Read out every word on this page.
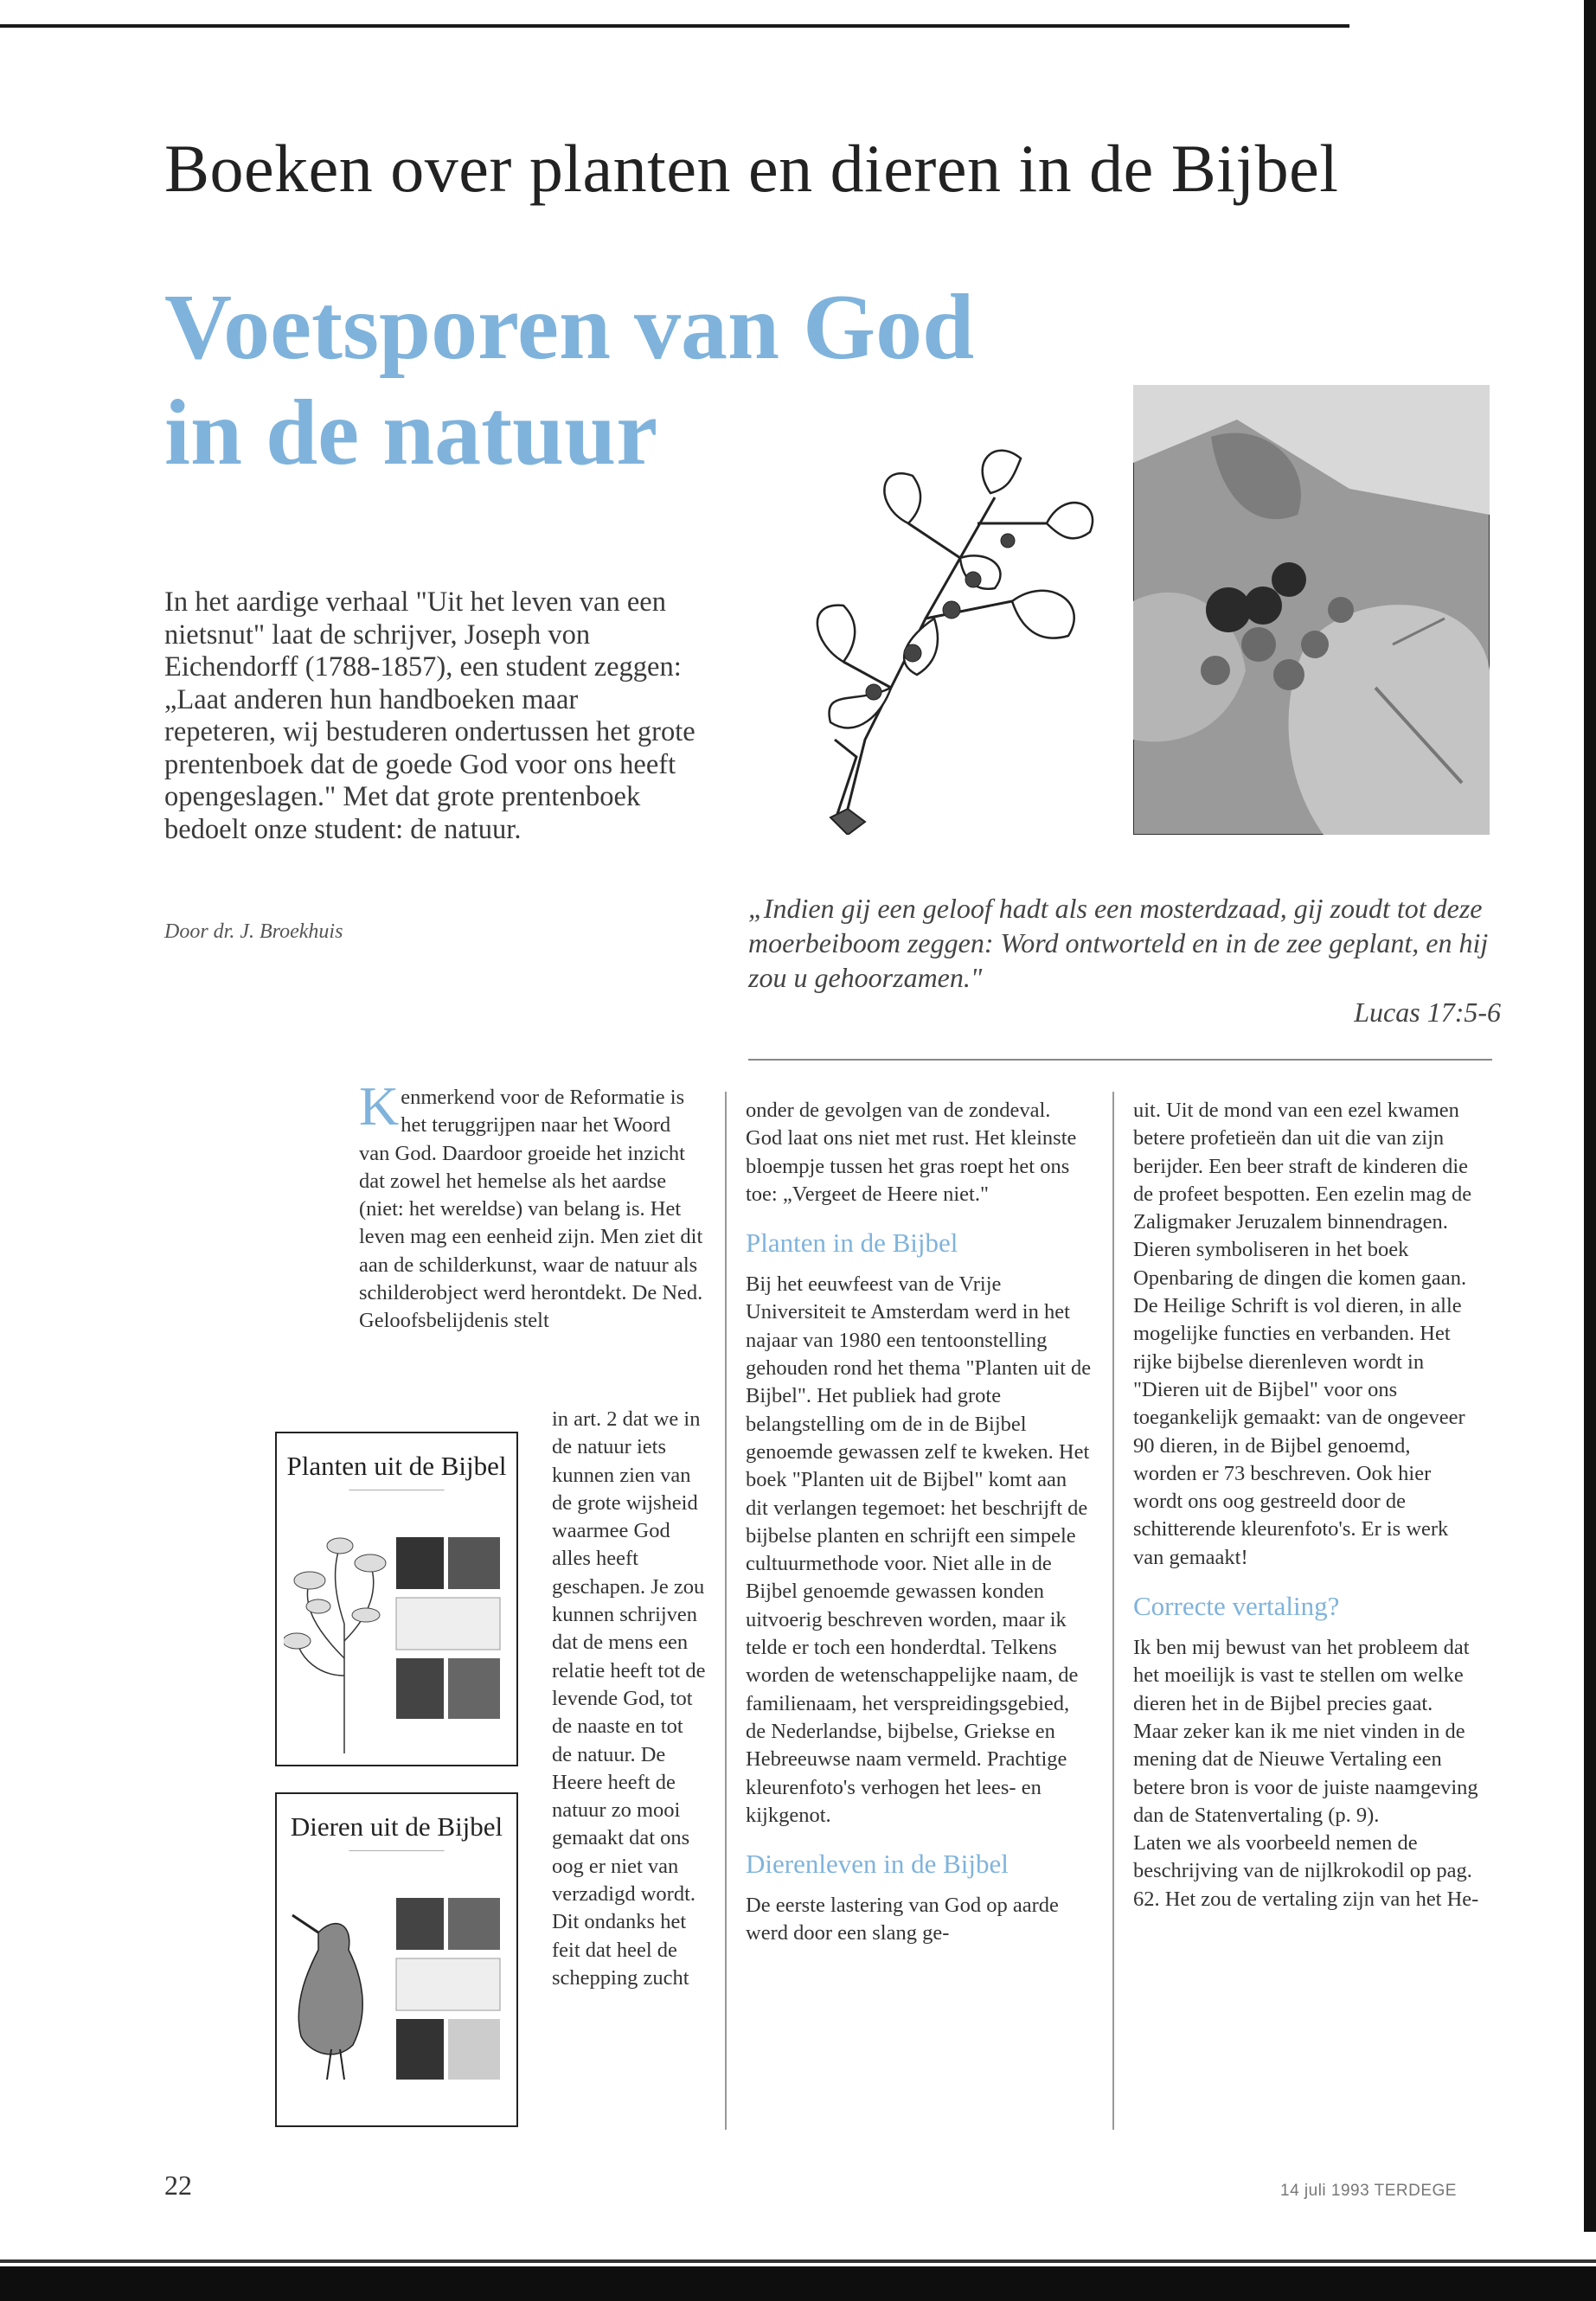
Boeken over planten en dieren in de Bijbel
Voetsporen van God
in de natuur
In het aardige verhaal "Uit het leven van een nietsnut" laat de schrijver, Joseph von Eichendorff (1788-1857), een student zeggen: „Laat anderen hun handboeken maar repeteren, wij bestuderen ondertussen het grote prentenboek dat de goede God voor ons heeft opengeslagen." Met dat grote prentenboek bedoelt onze student: de natuur.
Door dr. J. Broekhuis
„Indien gij een geloof hadt als een mosterdzaad, gij zoudt tot deze moerbeiboom zeggen: Word ontworteld en in de zee geplant, en hij zou u gehoorzamen."
Lucas 17:5-6
Kenmerkend voor de Reformatie is het teruggrijpen naar het Woord van God. Daardoor groeide het inzicht dat zowel het hemelse als het aardse (niet: het wereldse) van belang is. Het leven mag een eenheid zijn. Men ziet dit aan de schilderkunst, waar de natuur als schilderobject werd herontdekt. De Ned. Geloofsbelijdenis stelt
in art. 2 dat we in de natuur iets kunnen zien van de grote wijsheid waarmee God alles heeft geschapen. Je zou kunnen schrijven dat de mens een relatie heeft tot de levende God, tot de naaste en tot de natuur. De Heere heeft de natuur zo mooi gemaakt dat ons oog er niet van verzadigd wordt. Dit ondanks het feit dat heel de schepping zucht
Planten uit de Bijbel
———————————
Dieren uit de Bijbel
———————————
onder de gevolgen van de zondeval. God laat ons niet met rust. Het kleinste bloempje tussen het gras roept het ons toe: „Vergeet de Heere niet."
Planten in de Bijbel
Bij het eeuwfeest van de Vrije Universiteit te Amsterdam werd in het najaar van 1980 een tentoonstelling gehouden rond het thema "Planten uit de Bijbel". Het publiek had grote belangstelling om de in de Bijbel genoemde gewassen zelf te kweken. Het boek "Planten uit de Bijbel" komt aan dit verlangen tegemoet: het beschrijft de bijbelse planten en schrijft een simpele cultuurmethode voor. Niet alle in de Bijbel genoemde gewassen konden uitvoerig beschreven worden, maar ik telde er toch een honderdtal. Telkens worden de wetenschappelijke naam, de familienaam, het verspreidingsgebied, de Nederlandse, bijbelse, Griekse en Hebreeuwse naam vermeld. Prachtige kleurenfoto's verhogen het lees- en kijkgenot.
Dierenleven in de Bijbel
De eerste lastering van God op aarde werd door een slang ge-
uit. Uit de mond van een ezel kwamen betere profetieën dan uit die van zijn berijder. Een beer straft de kinderen die de profeet bespotten. Een ezelin mag de Zaligmaker Jeruzalem binnendragen. Dieren symboliseren in het boek Openbaring de dingen die komen gaan.
De Heilige Schrift is vol dieren, in alle mogelijke functies en verbanden. Het rijke bijbelse dierenleven wordt in "Dieren uit de Bijbel" voor ons toegankelijk gemaakt: van de ongeveer 90 dieren, in de Bijbel genoemd, worden er 73 beschreven. Ook hier wordt ons oog gestreeld door de schitterende kleurenfoto's. Er is werk van gemaakt!
Correcte vertaling?
Ik ben mij bewust van het probleem dat het moeilijk is vast te stellen om welke dieren het in de Bijbel precies gaat. Maar zeker kan ik me niet vinden in de mening dat de Nieuwe Vertaling een betere bron is voor de juiste naamgeving dan de Statenvertaling (p. 9).
Laten we als voorbeeld nemen de beschrijving van de nijlkrokodil op pag. 62. Het zou de vertaling zijn van het He-
22	14 juli 1993 TERDEGE
